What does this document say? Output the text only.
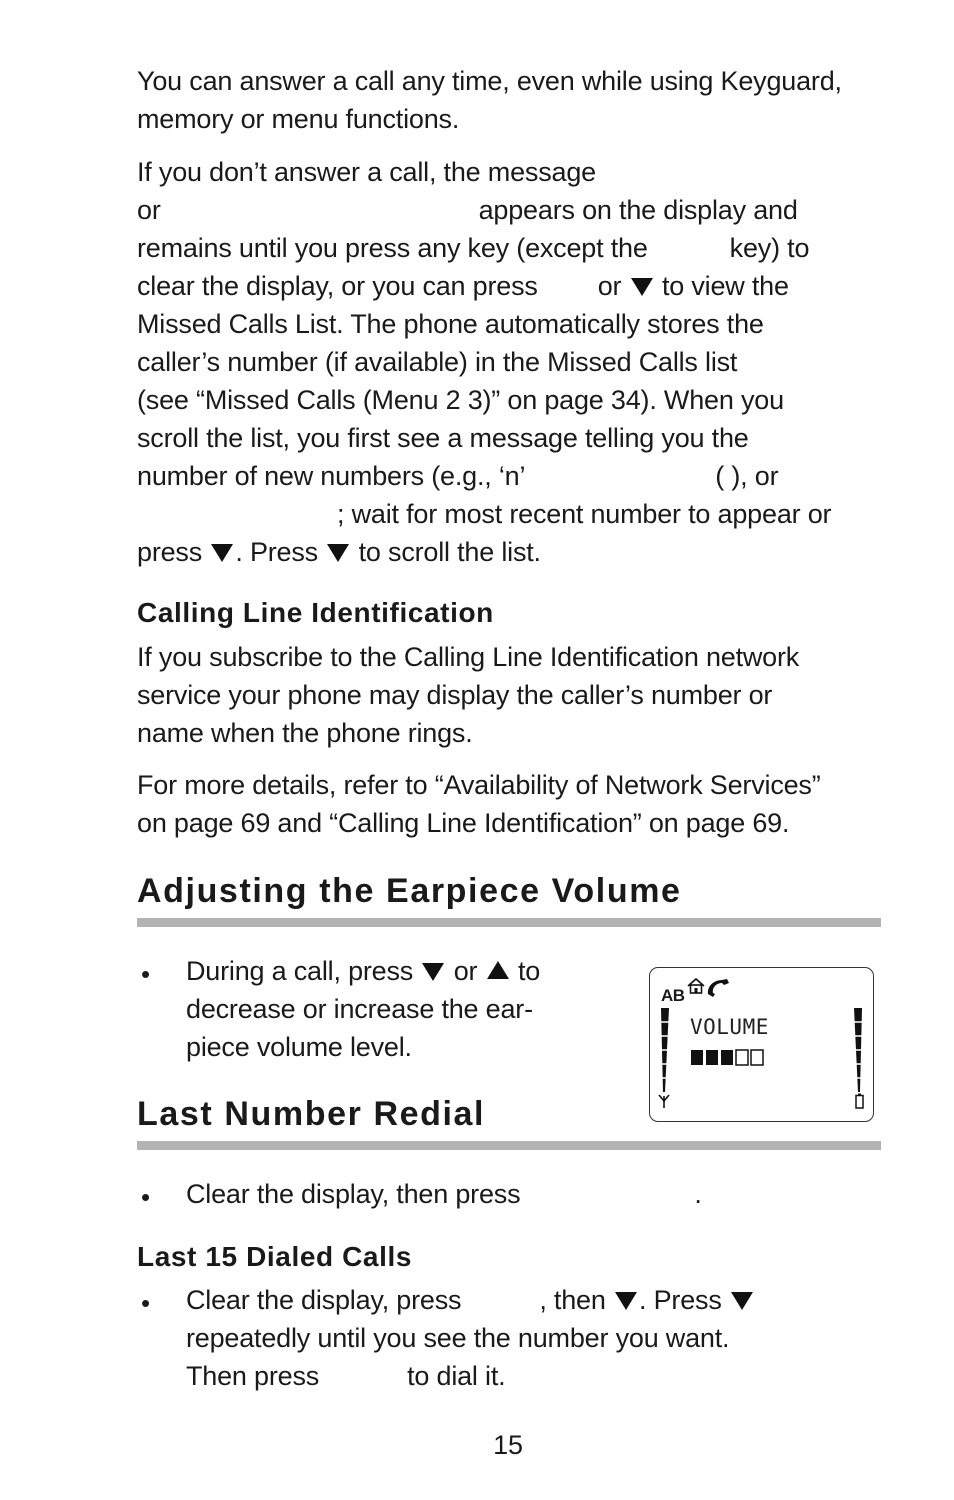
You can answer a call any time, even while using Keyguard,
memory or menu functions.
If you don’t answer a call, the message
or	appears on the display and
remains until you press any key (except the	key) to
clear the display, or you can press or to view the
Missed Calls List. The phone automatically stores the
caller’s number (if available) in the Missed Calls list
(see “Missed Calls (Menu 2 3)” on page 34). When you
scroll the list, you first see a message telling you the
number of new numbers (e.g., ‘n’	( ), or
; wait for most recent number to appear or
press . Press to scroll the list.
Calling Line Identification
If you subscribe to the Calling Line Identification network
service your phone may display the caller’s number or
name when the phone rings.
For more details, refer to “Availability of Network Services”
on page 69 and “Calling Line Identification” on page 69.
Adjusting the Earpiece Volume
• During a call, press or to
decrease or increase the ear-
piece volume level.
AB
VOLUME
Last Number Redial
• Clear the display, then press	.
Last 15 Dialed Calls
• Clear the display, press	, then . Press
repeatedly until you see the number you want.
Then press	to dial it.
15
